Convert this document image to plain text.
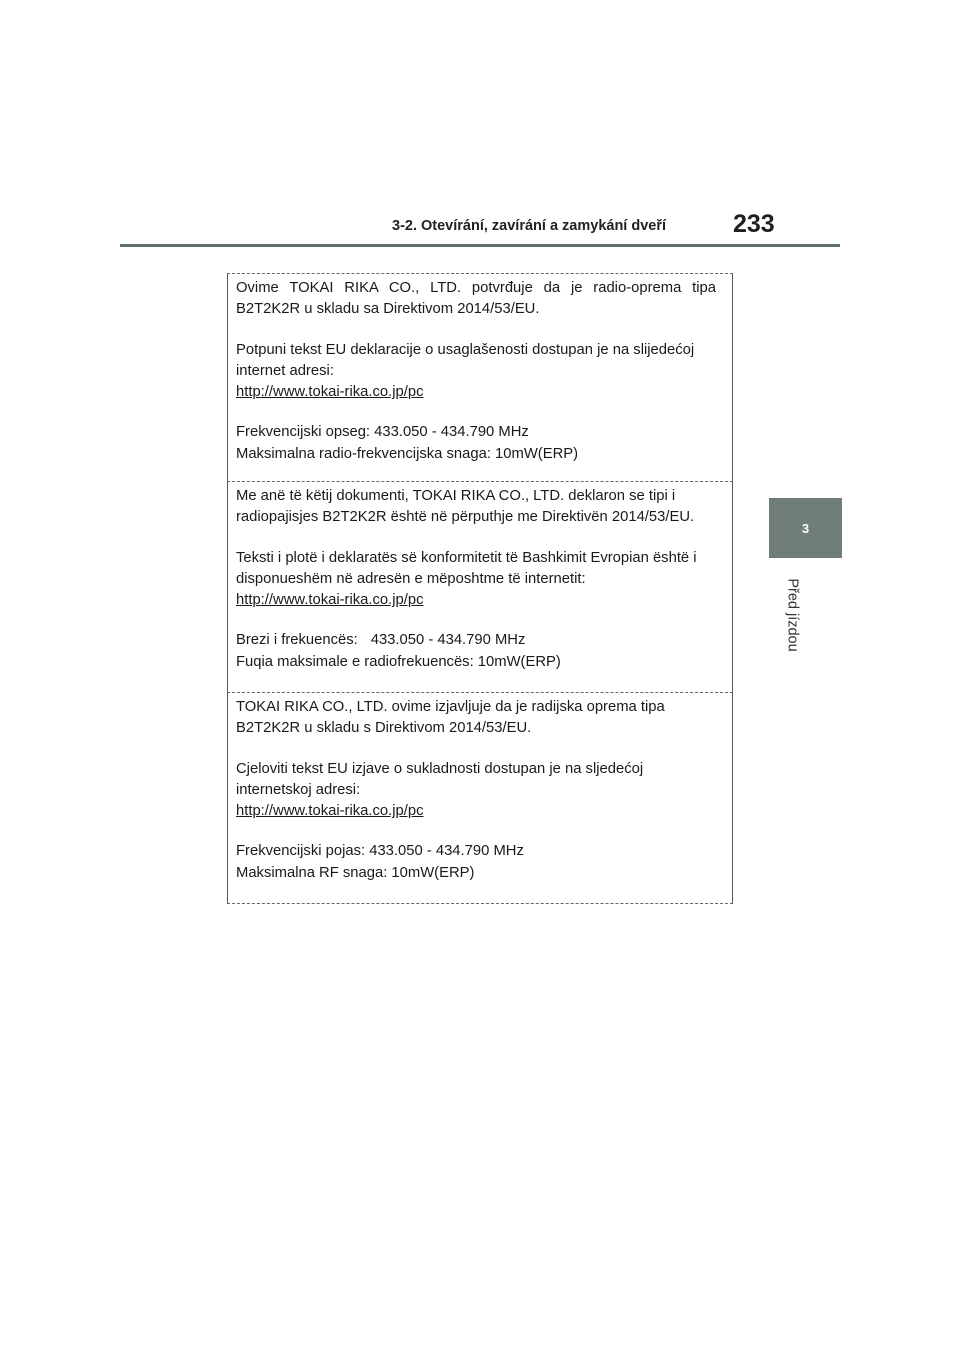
3-2. Otevírání, zavírání a zamykání dveří	233
3
Před jízdou

Ovime TOKAI RIKA CO., LTD. potvrđuje da je radio-oprema tipa B2T2K2R u skladu sa Direktivom 2014/53/EU.

Potpuni tekst EU deklaracije o usaglašenosti dostupan je na slijedećoj internet adresi:
http://www.tokai-rika.co.jp/pc

Frekvencijski opseg: 433.050 - 434.790 MHz
Maksimalna radio-frekvencijska snaga: 10mW(ERP)

Me anë të këtij dokumenti, TOKAI RIKA CO., LTD. deklaron se tipi i radiopajisjes B2T2K2R është në përputhje me Direktivën 2014/53/EU.

Teksti i plotë i deklaratës së konformitetit të Bashkimit Evropian është i disponueshëm në adresën e mëposhtme të internetit:
http://www.tokai-rika.co.jp/pc

Brezi i frekuencës: 433.050 - 434.790 MHz
Fuqia maksimale e radiofrekuencës: 10mW(ERP)

TOKAI RIKA CO., LTD. ovime izjavljuje da je radijska oprema tipa B2T2K2R u skladu s Direktivom 2014/53/EU.

Cjeloviti tekst EU izjave o sukladnosti dostupan je na sljedećoj internetskoj adresi:
http://www.tokai-rika.co.jp/pc

Frekvencijski pojas: 433.050 - 434.790 MHz
Maksimalna RF snaga: 10mW(ERP)
